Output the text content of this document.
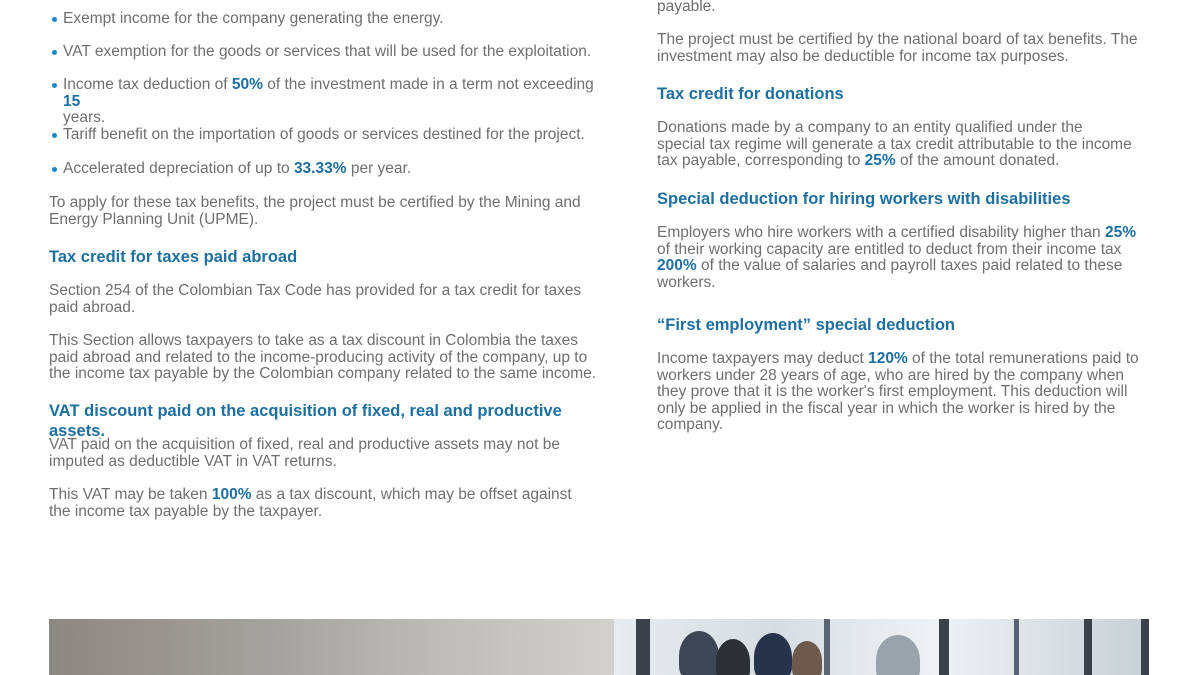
Exempt income for the company generating the energy.
VAT exemption for the goods or services that will be used for the exploitation.
Income tax deduction of 50% of the investment made in a term not exceeding 15
years.
Tariff benefit on the importation of goods or services destined for the project.
Accelerated depreciation of up to 33.33% per year.

To apply for these tax benefits, the project must be certified by the Mining and Energy Planning Unit (UPME).

Tax credit for taxes paid abroad

Section 254 of the Colombian Tax Code has provided for a tax credit for taxes paid abroad.

This Section allows taxpayers to take as a tax discount in Colombia the taxes paid abroad and related to the income-producing activity of the company, up to the income tax payable by the Colombian company related to the same income.

VAT discount paid on the acquisition of fixed, real and productive assets.

VAT paid on the acquisition of fixed, real and productive assets may not be imputed as deductible VAT in VAT returns.

This VAT may be taken 100% as a tax discount, which may be offset against the income tax payable by the taxpayer.

payable.

The project must be certified by the national board of tax benefits. The investment may also be deductible for income tax purposes.

Tax credit for donations

Donations made by a company to an entity qualified under the special tax regime will generate a tax credit attributable to the income tax payable, corresponding to 25% of the amount donated.

Special deduction for hiring workers with disabilities

Employers who hire workers with a certified disability higher than 25% of their working capacity are entitled to deduct from their income tax 200% of the value of salaries and payroll taxes paid related to these workers.

“First employment” special deduction

Income taxpayers may deduct 120% of the total remunerations paid to workers under 28 years of age, who are hired by the company when they prove that it is the worker's first employment. This deduction will only be applied in the fiscal year in which the worker is hired by the company.
